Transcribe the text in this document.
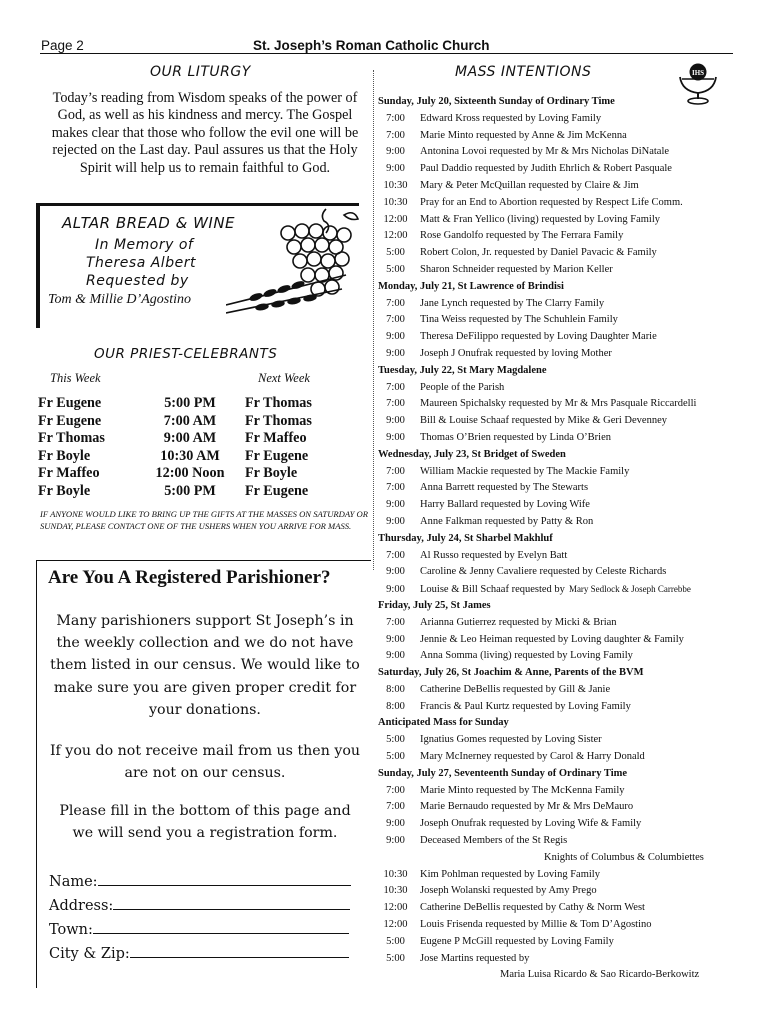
Page 2	St. Joseph’s Roman Catholic Church
OUR LITURGY
Today’s reading from Wisdom speaks of the power of God, as well as his kindness and mercy. The Gospel makes clear that those who follow the evil one will be rejected on the Last day. Paul assures us that the Holy Spirit will help us to remain faithful to God.
ALTAR BREAD & WINE
In Memory of
Theresa Albert
Requested by
Tom & Millie D’Agostino
OUR PRIEST-CELEBRANTS
This Week	Next Week
Fr Eugene	5:00 PM	Fr Thomas
Fr Eugene	7:00 AM	Fr Thomas
Fr Thomas	9:00 AM	Fr Maffeo
Fr Boyle	10:30 AM	Fr Eugene
Fr Maffeo	12:00 Noon	Fr Boyle
Fr Boyle	5:00 PM	Fr Eugene
IF ANYONE WOULD LIKE TO BRING UP THE GIFTS AT THE MASSES ON SATURDAY OR SUNDAY, PLEASE CONTACT ONE OF THE USHERS WHEN YOU ARRIVE FOR MASS.
Are You A Registered Parishioner?
Many parishioners support St Joseph’s in the weekly collection and we do not have them listed in our census. We would like to make sure you are given proper credit for your donations.
If you do not receive mail from us then you are not on our census.
Please fill in the bottom of this page and we will send you a registration form.
Name:
Address:
Town:
City & Zip:
MASS INTENTIONS	IHS
Sunday, July 20, Sixteenth Sunday of Ordinary Time
7:00 Edward Kross requested by Loving Family
7:00 Marie Minto requested by Anne & Jim McKenna
9:00 Antonina Lovoi requested by Mr & Mrs Nicholas DiNatale
9:00 Paul Daddio requested by Judith Ehrlich & Robert Pasquale
10:30 Mary & Peter McQuillan requested by Claire & Jim
10:30 Pray for an End to Abortion requested by Respect Life Comm.
12:00 Matt & Fran Yellico (living) requested by Loving Family
12:00 Rose Gandolfo requested by The Ferrara Family
5:00 Robert Colon, Jr. requested by Daniel Pavacic & Family
5:00 Sharon Schneider requested by Marion Keller
Monday, July 21, St Lawrence of Brindisi
7:00 Jane Lynch requested by The Clarry Family
7:00 Tina Weiss requested by The Schuhlein Family
9:00 Theresa DeFilippo requested by Loving Daughter Marie
9:00 Joseph J Onufrak requested by loving Mother
Tuesday, July 22, St Mary Magdalene
7:00 People of the Parish
7:00 Maureen Spichalsky requested by Mr & Mrs Pasquale Riccardelli
9:00 Bill & Louise Schaaf requested by Mike & Geri Devenney
9:00 Thomas O’Brien requested by Linda O’Brien
Wednesday, July 23, St Bridget of Sweden
7:00 William Mackie requested by The Mackie Family
7:00 Anna Barrett requested by The Stewarts
9:00 Harry Ballard requested by Loving Wife
9:00 Anne Falkman requested by Patty & Ron
Thursday, July 24, St Sharbel Makhluf
7:00 Al Russo requested by Evelyn Batt
9:00 Caroline & Jenny Cavaliere requested by Celeste Richards
9:00 Louise & Bill Schaaf requested by Mary Sedlock & Joseph Carrebbe
Friday, July 25, St James
7:00 Arianna Gutierrez requested by Micki & Brian
9:00 Jennie & Leo Heiman requested by Loving daughter & Family
9:00 Anna Somma (living) requested by Loving Family
Saturday, July 26, St Joachim & Anne, Parents of the BVM
8:00 Catherine DeBellis requested by Gill & Janie
8:00 Francis & Paul Kurtz requested by Loving Family
Anticipated Mass for Sunday
5:00 Ignatius Gomes requested by Loving Sister
5:00 Mary McInerney requested by Carol & Harry Donald
Sunday, July 27, Seventeenth Sunday of Ordinary Time
7:00 Marie Minto requested by The McKenna Family
7:00 Marie Bernaudo requested by Mr & Mrs DeMauro
9:00 Joseph Onufrak requested by Loving Wife & Family
9:00 Deceased Members of the St Regis
Knights of Columbus & Columbiettes
10:30 Kim Pohlman requested by Loving Family
10:30 Joseph Wolanski requested by Amy Prego
12:00 Catherine DeBellis requested by Cathy & Norm West
12:00 Louis Frisenda requested by Millie & Tom D’Agostino
5:00 Eugene P McGill requested by Loving Family
5:00 Jose Martins requested by
Maria Luisa Ricardo & Sao Ricardo-Berkowitz
